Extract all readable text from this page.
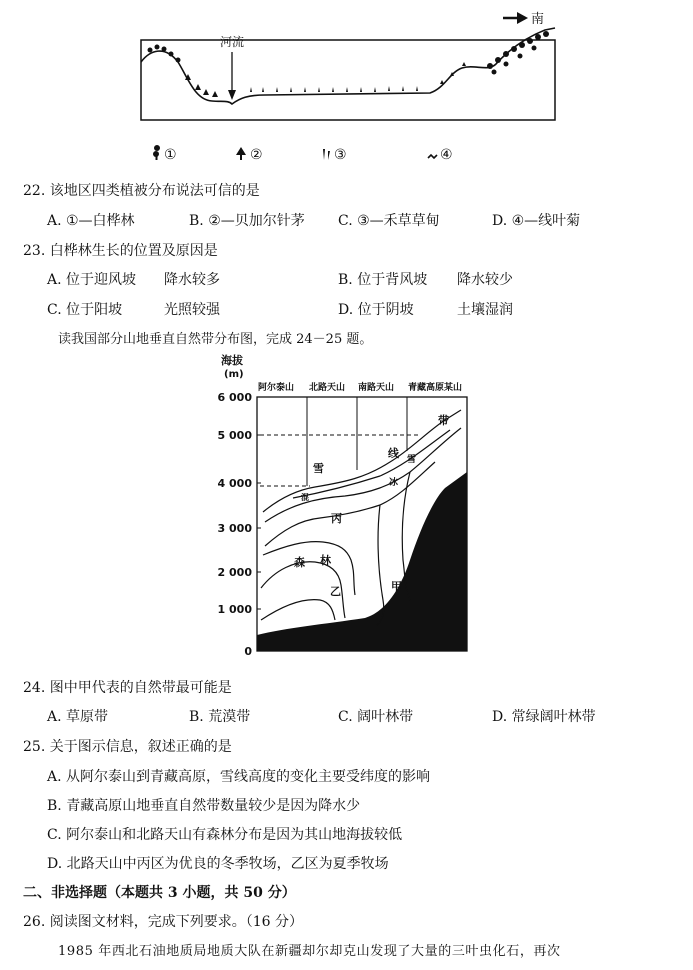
河流
南
①	②	③	④
22. 该地区四类植被分布说法可信的是
A. ①—白桦林	B. ②—贝加尔针茅 C. ③—禾草草甸	D. ④—线叶菊
23. 白桦林生长的位置及原因是
A. 位于迎风坡 降水较多	B. 位于背风坡 降水较少
C. 位于阳坡	光照较强	D. 位于阴坡	土壤湿润
读我国部分山地垂直自然带分布图，完成 24－25 题。
海拔
(m)
阿尔泰山 北路天山 南路天山 青藏高原某山
0
1 000
2 000
3 000
4 000
5 000
6 000
雪
线
带
冰
雪
混
丙
森 林
乙	甲
24. 图中甲代表的自然带最可能是
A. 草原带	B. 荒漠带	C. 阔叶林带	D. 常绿阔叶林带
25. 关于图示信息，叙述正确的是
A. 从阿尔泰山到青藏高原，雪线高度的变化主要受纬度的影响
B. 青藏高原山地垂直自然带数量较少是因为降水少
C. 阿尔泰山和北路天山有森林分布是因为其山地海拔较低
D. 北路天山中丙区为优良的冬季牧场，乙区为夏季牧场
二、非选择题（本题共 3 小题，共 50 分）
26. 阅读图文材料，完成下列要求。（16 分）
1985 年西北石油地质局地质大队在新疆却尔却克山发现了大量的三叶虫化石，再次
